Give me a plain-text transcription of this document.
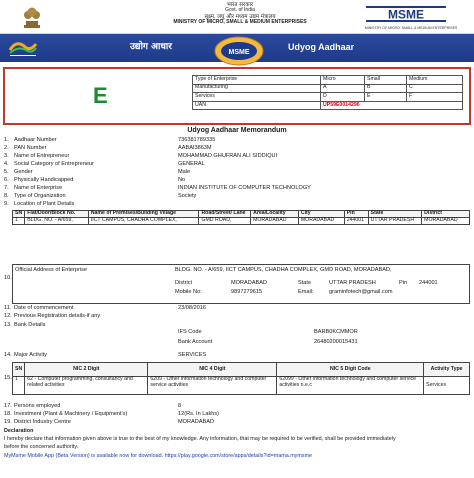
भारत सरकार
Govt. of India
सूक्ष्म, लघु और मध्यम उद्यम मंत्रालय
MINISTRY OF MICRO, SMALL & MEDIUM ENTERPRISES
MSME
MINISTRY OF MICRO, SMALL & MEDIUM ENTERPRISES
उद्योग आधार	Udyog Aadhaar
MSME
E
Type of Enterprise	Micro	Small	Medium
Manufacturing	A	B	C
Services	D	E	F
UAN	UP59E0014296		
Udyog Aadhaar Memorandum
1. Aadhaar Number	736381789335
2. PAN Number	AABAI3863M
3. Name of Entrepreneur	MOHAMMAD GHUFRAN ALI SIDDIQUI
4. Social Category of Entrepreneur	GENERAL
5. Gender	Male
6. Physically Handicapped	No
7. Name of Enterprise	INDIAN INSTITUTE OF COMPUTER TECHNOLOGY
8. Type of Organization	Society
9. Location of Plant Details
SN	Flat/Door/Block No.	Name of Premises/Building Village	Road/Street/ Lane	Area/Locality	City	Pin	State	District
1	BLDG. NO. - A/659,	IICT CAMPUS, CHADHA COMPLEX,	GMD ROAD,	MORADABAD	MORADABAD	244001	UTTAR PRADESH	MORADABAD
Official Address of Enterprise	BLDG. NO. - A/659, IICT CAMPUS, CHADHA COMPLEX, GMD ROAD, MORADABAD,
District	MORADABAD	State	UTTAR PRADESH	Pin 244001
Mobile No:	9897279615	Email:	graminfotech@gmail.com
10.
11. Date of commencement	23/08/2016
12. Previous Registration details-if any
13. Bank Details
IFS Code	BARB0KCMMOR
Bank Account	26480200015431
14. Major Activity	SERVICES
15.
SN	NIC 2 Digit	NIC 4 Digit	NIC 5 Digit Code	Activity Type
1	62 - Computer programming, consultancy and related activities	6209 - Other information technology and computer service activities	62099 - Other information technology and computer service activities n.e.c	Services
17. Persons employed	8
18. Investment (Plant & Machinery / Equipment's)	12(Rs. In Lakhs)
19. District Industry Centre	MORADABAD
Declaration
I hereby declare that information given above is true to the best of my knowledge. Any information, that may be required to be verified, shall be provided immediately
before the concerned authority.
MyMsme Mobile App (Beta Version) is available now for download. https://play.google.com/store/apps/details?id=mama.mymsme
